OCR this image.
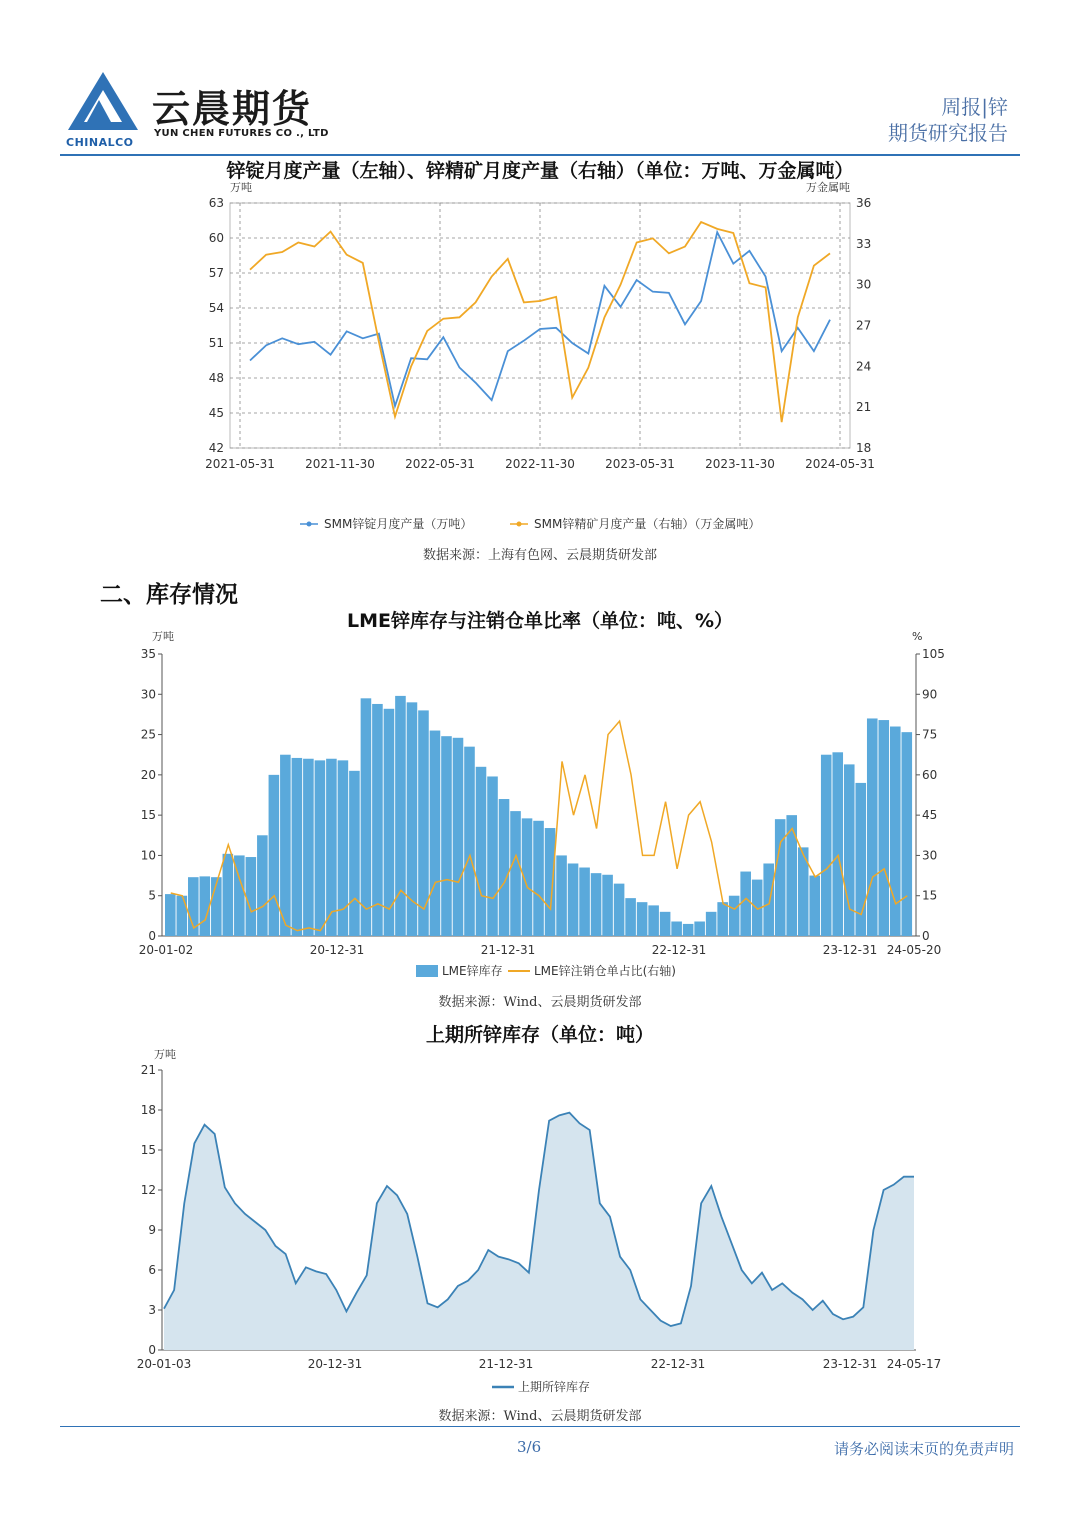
CHINALCO
云晨期货
YUN CHEN FUTURES CO ., LTD
周报|锌
期货研究报告
锌锭月度产量（左轴）、锌精矿月度产量（右轴）（单位：万吨、万金属吨）
42
45
48
51
54
57
60
63
18
21
24
27
30
33
36
2021-05-31	2021-11-30	2022-05-31	2022-11-30	2023-05-31	2023-11-30	2024-05-31
万吨	万金属吨
SMM锌锭月度产量（万吨）	SMM锌精矿月度产量（右轴）（万金属吨）
数据来源：上海有色网、云晨期货研发部
二、库存情况
LME锌库存与注销仓单比率（单位：吨、%）
0
5
10
15
20
25
30
35
0
15
30
45
60
75
90
105
万吨	%
20-01-02	20-12-31	21-12-31	22-12-31	23-12-31 24-05-20
LME锌库存	LME锌注销仓单占比(右轴)
数据来源：Wind、云晨期货研发部
上期所锌库存（单位：吨）
0
3
6
9
12
15
18
21
万吨
20-01-03	20-12-31	21-12-31	22-12-31	23-12-31 24-05-17
上期所锌库存
数据来源：Wind、云晨期货研发部
3/6	请务必阅读末页的免责声明
